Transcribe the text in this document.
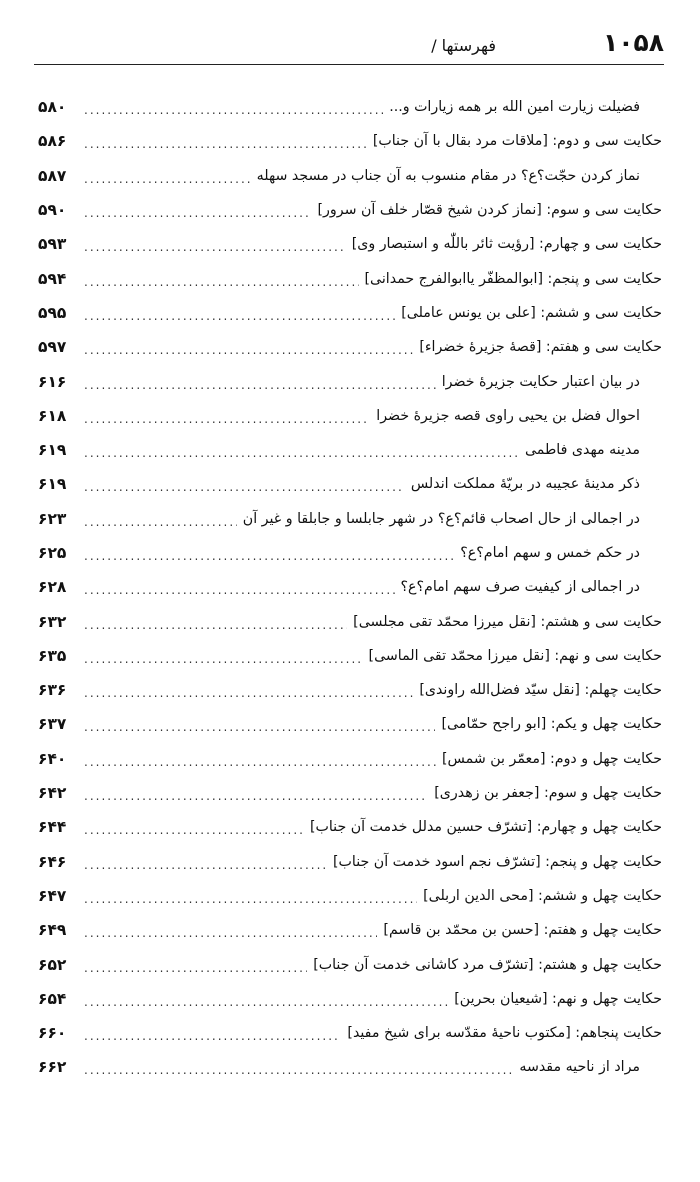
۱۰۵۸
فهرستها /
فضیلت زیارت امین الله بر همه زیارات و...
.....
۵۸۰
حکایت سی و دوم: [ملاقات مرد بقال با آن جناب]
.....
۵۸۶
نماز کردن حجّت؟ع؟ در مقام منسوب به آن جناب در مسجد سهله
.....
۵۸۷
حکایت سی و سوم: [نماز کردن شیخ قصّار خلف آن سرور]
.....
۵۹۰
حکایت سی و چهارم: [رؤیت ثائر باللّٰه و استبصار وی]
.....
۵۹۳
حکایت سی و پنجم: [ابوالمظفّر یاابوالفرج حمدانی]
.....
۵۹۴
حکایت سی و ششم: [علی بن یونس عاملی]
.....
۵۹۵
حکایت سی و هفتم: [قصهٔ جزیرهٔ خضراء]
.....
۵۹۷
در بیان اعتبار حکایت جزیرهٔ خضرا
.....
۶۱۶
احوال فضل بن یحیی راوی قصه جزیرهٔ خضرا
.....
۶۱۸
مدینه مهدی فاطمی
.....
۶۱۹
ذکر مدینهٔ عجیبه در بریّهٔ مملکت اندلس
.....
۶۱۹
در اجمالی از حال اصحاب قائم؟ع؟ در شهر جابلسا و جابلقا و غیر آن
.....
۶۲۳
در حکم خمس و سهم امام؟ع؟
.....
۶۲۵
در اجمالی از کیفیت صرف سهم امام؟ع؟
.....
۶۲۸
حکایت سی و هشتم: [نقل میرزا محمّد تقی مجلسی]
.....
۶۳۲
حکایت سی و نهم: [نقل میرزا محمّد تقی الماسی]
.....
۶۳۵
حکایت چهلم: [نقل سیّد فضل‌الله راوندی]
.....
۶۳۶
حکایت چهل و یکم: [ابو راجح حمّامی]
.....
۶۳۷
حکایت چهل و دوم: [معمّر بن شمس]
.....
۶۴۰
حکایت چهل و سوم: [جعفر بن زهدری]
.....
۶۴۲
حکایت چهل و چهارم: [تشرّف حسین مدلل خدمت آن جناب]
.....
۶۴۴
حکایت چهل و پنجم: [تشرّف نجم اسود خدمت آن جناب]
.....
۶۴۶
حکایت چهل و ششم: [محی الدین اربلی]
.....
۶۴۷
حکایت چهل و هفتم: [حسن بن محمّد بن قاسم]
.....
۶۴۹
حکایت چهل و هشتم: [تشرّف مرد کاشانی خدمت آن جناب]
.....
۶۵۲
حکایت چهل و نهم: [شیعیان بحرین]
.....
۶۵۴
حکایت پنجاهم: [مکتوب ناحیهٔ مقدّسه برای شیخ مفید]
.....
۶۶۰
مراد از ناحیه مقدسه
.....
۶۶۲
